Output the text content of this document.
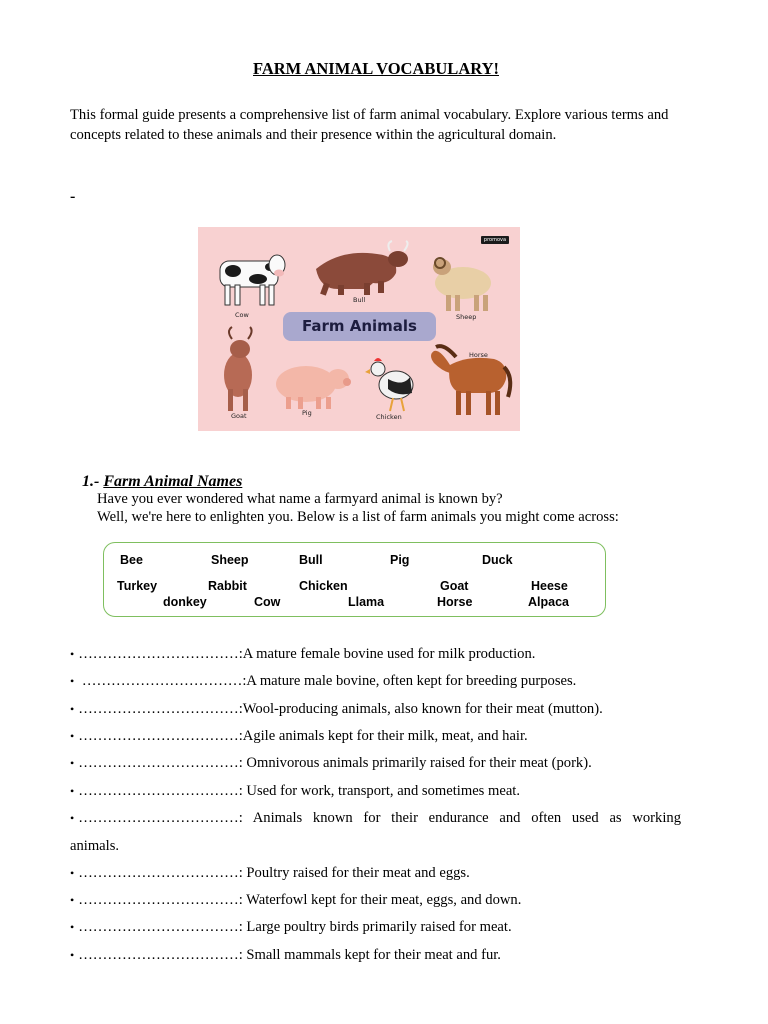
FARM ANIMAL VOCABULARY!
This formal guide presents a comprehensive list of farm animal vocabulary. Explore various terms and concepts related to these animals and their presence within the agricultural domain.
-
promova
Farm Animals
Cow
Bull
Sheep
Goat	Pig	Chicken
Horse
1.- Farm Animal Names
Have you ever wondered what name a farmyard animal is known by?
Well, we're here to enlighten you. Below is a list of farm animals you might come across:
Bee	Sheep	Bull	Pig	Duck
Turkey	Rabbit	Chicken	Goat	Heese
donkey	Cow	Llama	Horse	Alpaca
• ……………………………:A mature female bovine used for milk production.
• ……………………………:A mature male bovine, often kept for breeding purposes.
• ……………………………:Wool-producing animals, also known for their meat (mutton).
• ……………………………:Agile animals kept for their milk, meat, and hair.
• ……………………………: Omnivorous animals primarily raised for their meat (pork).
• ……………………………: Used for work, transport, and sometimes meat.
• ……………………………: Animals known for their endurance and often used as working
animals.
• ……………………………: Poultry raised for their meat and eggs.
• ……………………………: Waterfowl kept for their meat, eggs, and down.
• ……………………………: Large poultry birds primarily raised for meat.
• ……………………………: Small mammals kept for their meat and fur.
